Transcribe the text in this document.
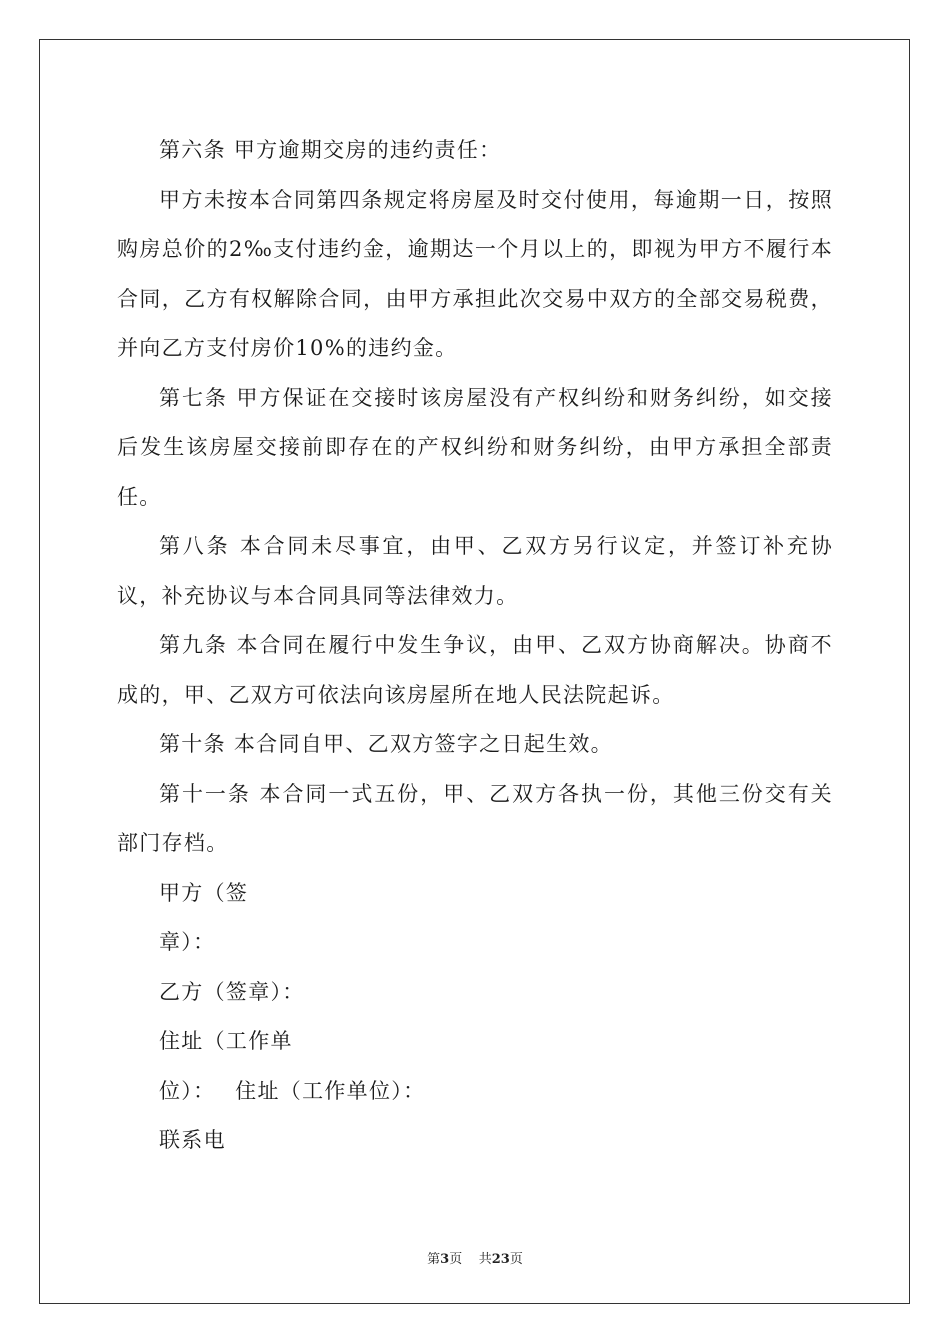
第六条 甲方逾期交房的违约责任：

甲方未按本合同第四条规定将房屋及时交付使用，每逾期一日，按照购房总价的2‰支付违约金，逾期达一个月以上的，即视为甲方不履行本合同，乙方有权解除合同，由甲方承担此次交易中双方的全部交易税费，并向乙方支付房价10%的违约金。

第七条 甲方保证在交接时该房屋没有产权纠纷和财务纠纷，如交接后发生该房屋交接前即存在的产权纠纷和财务纠纷，由甲方承担全部责任。

第八条 本合同未尽事宜，由甲、乙双方另行议定，并签订补充协议，补充协议与本合同具同等法律效力。

第九条 本合同在履行中发生争议，由甲、乙双方协商解决。协商不成的，甲、乙双方可依法向该房屋所在地人民法院起诉。

第十条 本合同自甲、乙双方签字之日起生效。

第十一条 本合同一式五份，甲、乙双方各执一份，其他三份交有关部门存档。

甲方（签

章）：

乙方（签章）：

住址（工作单

位）：　 住址（工作单位）：

联系电

第3页 共23页
